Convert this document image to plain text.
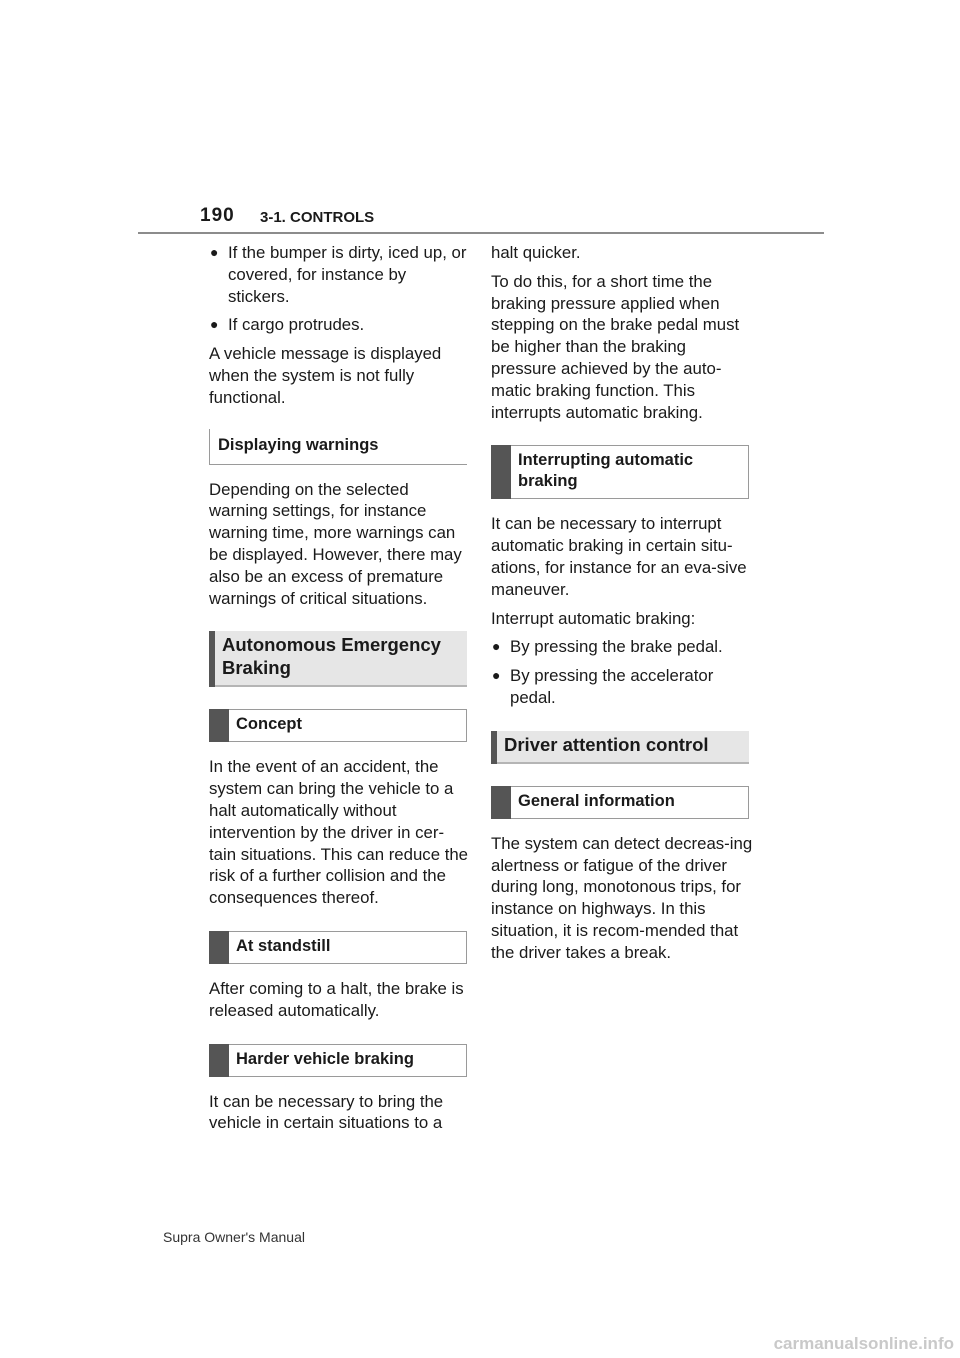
190 3-1. CONTROLS
● If the bumper is dirty, iced up, or covered, for instance by stickers.
● If cargo protrudes.

A vehicle message is displayed when the system is not fully functional.

Displaying warnings

Depending on the selected warning settings, for instance warning time, more warnings can be displayed. However, there may also be an excess of premature warnings of critical situations.

Autonomous Emergency Braking
Concept

In the event of an accident, the system can bring the vehicle to a halt automatically without intervention by the driver in cer-tain situations. This can reduce the risk of a further collision and the consequences thereof.

At standstill

After coming to a halt, the brake is released automatically.

Harder vehicle braking

It can be necessary to bring the vehicle in certain situations to a

halt quicker.

To do this, for a short time the braking pressure applied when stepping on the brake pedal must be higher than the braking pressure achieved by the auto-matic braking function. This interrupts automatic braking.

Interrupting automatic braking

It can be necessary to interrupt automatic braking in certain situ-ations, for instance for an eva-sive maneuver.

Interrupt automatic braking:

● By pressing the brake pedal.
● By pressing the accelerator pedal.
Driver attention control
General information

The system can detect decreas-ing alertness or fatigue of the driver during long, monotonous trips, for instance on highways. In this situation, it is recom-mended that the driver takes a break.

Supra Owner's Manual
carmanualsonline.info
